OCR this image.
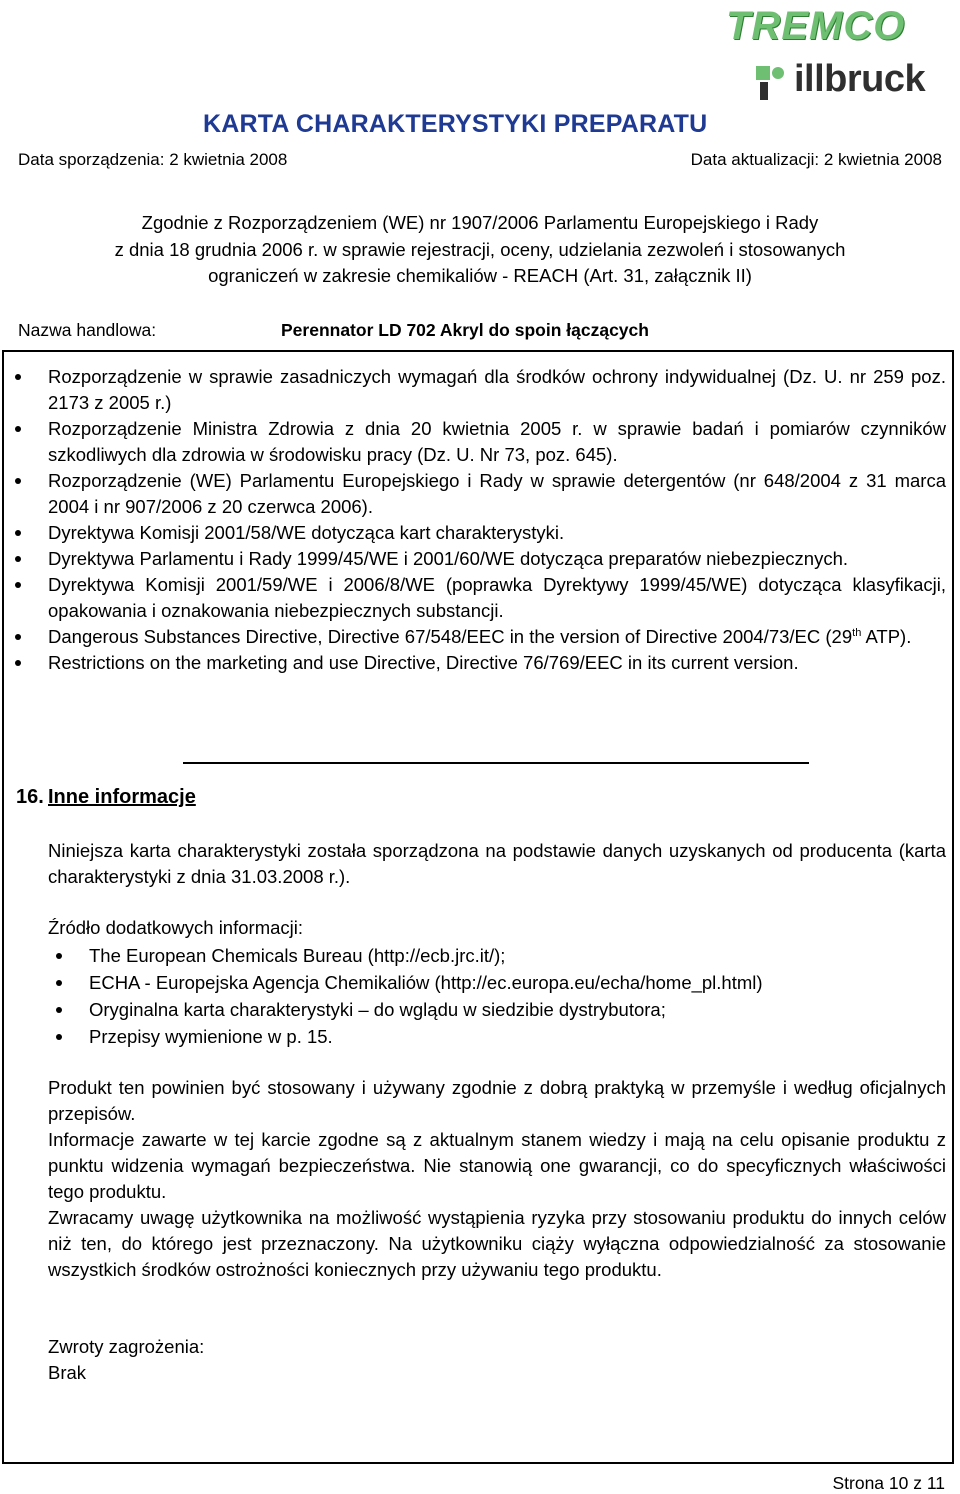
TREMCO
illbruck
KARTA CHARAKTERYSTYKI PREPARATU
Data sporządzenia: 2 kwietnia 2008	Data aktualizacji: 2 kwietnia 2008
Zgodnie z Rozporządzeniem (WE) nr 1907/2006 Parlamentu Europejskiego i Rady
z dnia 18 grudnia 2006 r. w sprawie rejestracji, oceny, udzielania zezwoleń i stosowanych
ograniczeń w zakresie chemikaliów - REACH (Art. 31, załącznik II)
Nazwa handlowa:	Perennator LD 702 Akryl do spoin łączących
Rozporządzenie w sprawie zasadniczych wymagań dla środków ochrony indywidualnej (Dz. U. nr 259 poz. 2173 z 2005 r.)
Rozporządzenie Ministra Zdrowia z dnia 20 kwietnia 2005 r. w sprawie badań i pomiarów czynników szkodliwych dla zdrowia w środowisku pracy (Dz. U. Nr 73, poz. 645).
Rozporządzenie (WE) Parlamentu Europejskiego i Rady w sprawie detergentów (nr 648/2004 z 31 marca 2004 i nr 907/2006 z 20 czerwca 2006).
Dyrektywa Komisji 2001/58/WE dotycząca kart charakterystyki.
Dyrektywa Parlamentu i Rady 1999/45/WE i 2001/60/WE dotycząca preparatów niebezpiecznych.
Dyrektywa Komisji 2001/59/WE i 2006/8/WE (poprawka Dyrektywy 1999/45/WE) dotycząca klasyfikacji, opakowania i oznakowania niebezpiecznych substancji.
Dangerous Substances Directive, Directive 67/548/EEC in the version of Directive 2004/73/EC (29th ATP).
Restrictions on the marketing and use Directive, Directive 76/769/EEC in its current version.
16. Inne informacje

Niniejsza karta charakterystyki została sporządzona na podstawie danych uzyskanych od producenta (karta charakterystyki z dnia 31.03.2008 r.).

Źródło dodatkowych informacji:

The European Chemicals Bureau (http://ecb.jrc.it/);
ECHA - Europejska Agencja Chemikaliów (http://ec.europa.eu/echa/home_pl.html)
Oryginalna karta charakterystyki – do wglądu w siedzibie dystrybutora;
Przepisy wymienione w p. 15.

Produkt ten powinien być stosowany i używany zgodnie z dobrą praktyką w przemyśle i według oficjalnych przepisów.

Informacje zawarte w tej karcie zgodne są z aktualnym stanem wiedzy i mają na celu opisanie produktu z punktu widzenia wymagań bezpieczeństwa. Nie stanowią one gwarancji, co do specyficznych właściwości tego produktu.

Zwracamy uwagę użytkownika na możliwość wystąpienia ryzyka przy stosowaniu produktu do innych celów niż ten, do którego jest przeznaczony. Na użytkowniku ciąży wyłączna odpowiedzialność za stosowanie wszystkich środków ostrożności koniecznych przy używaniu tego produktu.

Zwroty zagrożenia:

Brak

Strona 10 z 11
